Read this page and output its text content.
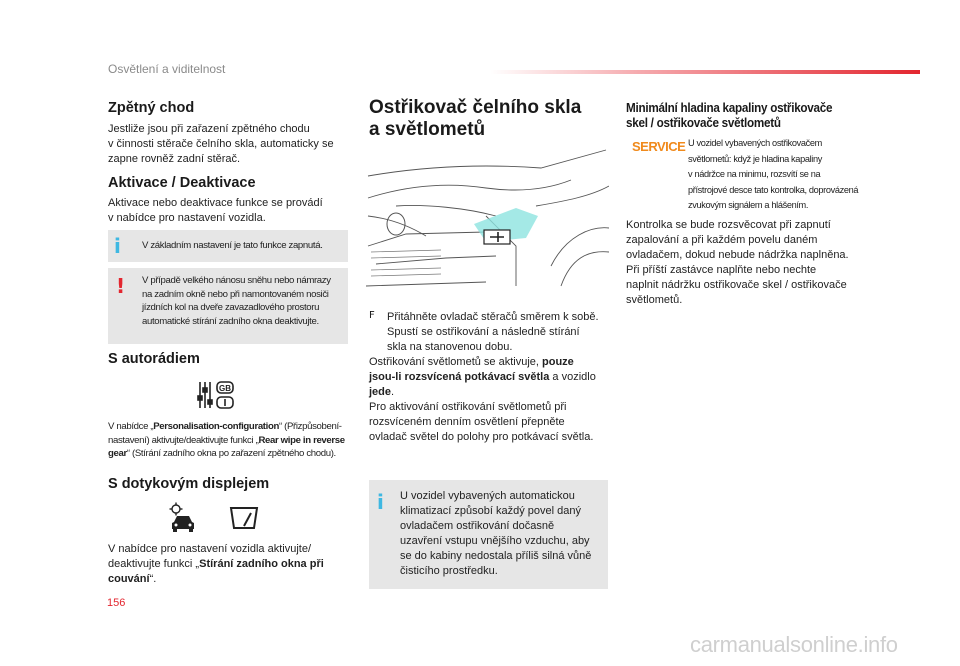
Osvětlení a viditelnost
Zpětný chod

Jestliže jsou při zařazení zpětného chodu

v činnosti stěrače čelního skla, automaticky se

zapne rovněž zadní stěrač.

Aktivace / Deaktivace

Aktivace nebo deaktivace funkce se provádí

v nabídce pro nastavení vozidla.

i V základním nastavení je tato funkce zapnutá.

! V případě velkého nánosu sněhu nebo námrazy

na zadním okně nebo při namontovaném nosiči

jízdních kol na dveře zavazadlového prostoru

automatické stírání zadního okna deaktivujte.

S autorádiem
GB

V nabídce „Personalisation-configuration“ (Přizpůsobení-

nastavení) aktivujte/deaktivujte funkci „Rear wipe in reverse

gear“ (Stírání zadního okna po zařazení zpětného chodu).

S dotykovým displejem

V nabídce pro nastavení vozidla aktivujte/

deaktivujte funkci „Stírání zadního okna při

couvání“.

Ostřikovač čelního skla
a světlometů
F Přitáhněte ovladač stěračů směrem k sobě.

Spustí se ostřikování a následně stírání

skla na stanovenou dobu.

Ostřikování světlometů se aktivuje, pouze

jsou-li rozsvícená potkávací světla a vozidlo

jede.

Pro aktivování ostřikování světlometů při

rozsvíceném denním osvětlení přepněte

ovladač světel do polohy pro potkávací světla.

i U vozidel vybavených automatickou

klimatizací způsobí každý povel daný

ovladačem ostřikování dočasně

uzavření vstupu vnějšího vzduchu, aby

se do kabiny nedostala příliš silná vůně

čisticího prostředku.

Minimální hladina kapaliny ostřikovače
skel / ostřikovače světlometů
SERVICE U vozidel vybavených ostřikovačem

světlometů: když je hladina kapaliny

v nádržce na minimu, rozsvítí se na

přístrojové desce tato kontrolka, doprovázená

zvukovým signálem a hlášením.

Kontrolka se bude rozsvěcovat při zapnutí

zapalování a při každém povelu daném

ovladačem, dokud nebude nádržka naplněna.

Při příští zastávce naplňte nebo nechte

naplnit nádržku ostřikovače skel / ostřikovače

světlometů.

156
carmanualsonline.info
